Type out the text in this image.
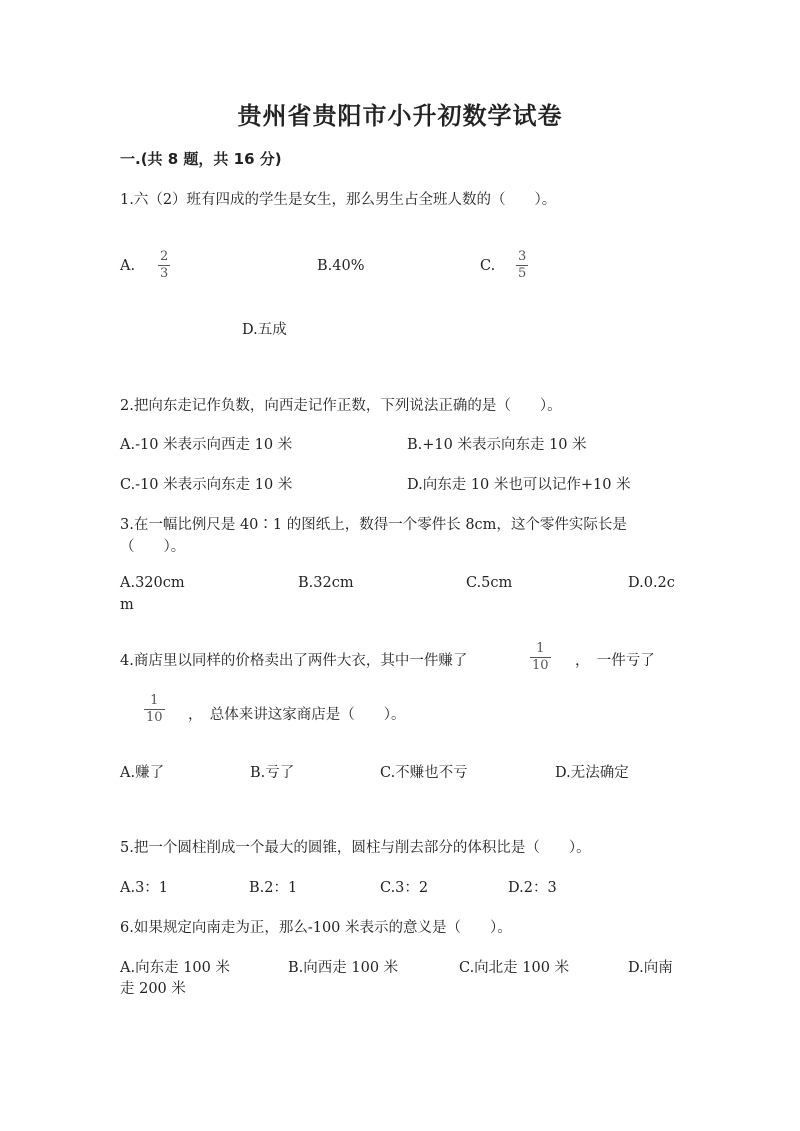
贵州省贵阳市小升初数学试卷
一.(共 8 题，共 16 分)
1.六（2）班有四成的学生是女生，那么男生占全班人数的（　　）。
A.
2
3	B.40%	C.
3
5
D.五成
2.把向东走记作负数，向西走记作正数，下列说法正确的是（　　）。
A.-10 米表示向西走 10 米	B.+10 米表示向东走 10 米
C.-10 米表示向东走 10 米	D.向东走 10 米也可以记作+10 米
3.在一幅比例尺是 40∶1 的图纸上，数得一个零件长 8cm，这个零件实际长是
（　　）。
A.320cm	B.32cm	C.5cm	D.0.2c
m
4.商店里以同样的价格卖出了两件大衣，其中一件赚了
1
10 ，　一件亏了
1
10 ，　总体来讲这家商店是（　　）。
A.赚了	B.亏了	C.不赚也不亏	D.无法确定
5.把一个圆柱削成一个最大的圆锥，圆柱与削去部分的体积比是（　　）。
A.3：1	B.2：1	C.3：2	D.2：3
6.如果规定向南走为正，那么-100 米表示的意义是（　　）。
A.向东走 100 米	B.向西走 100 米	C.向北走 100 米	D.向南
走 200 米
